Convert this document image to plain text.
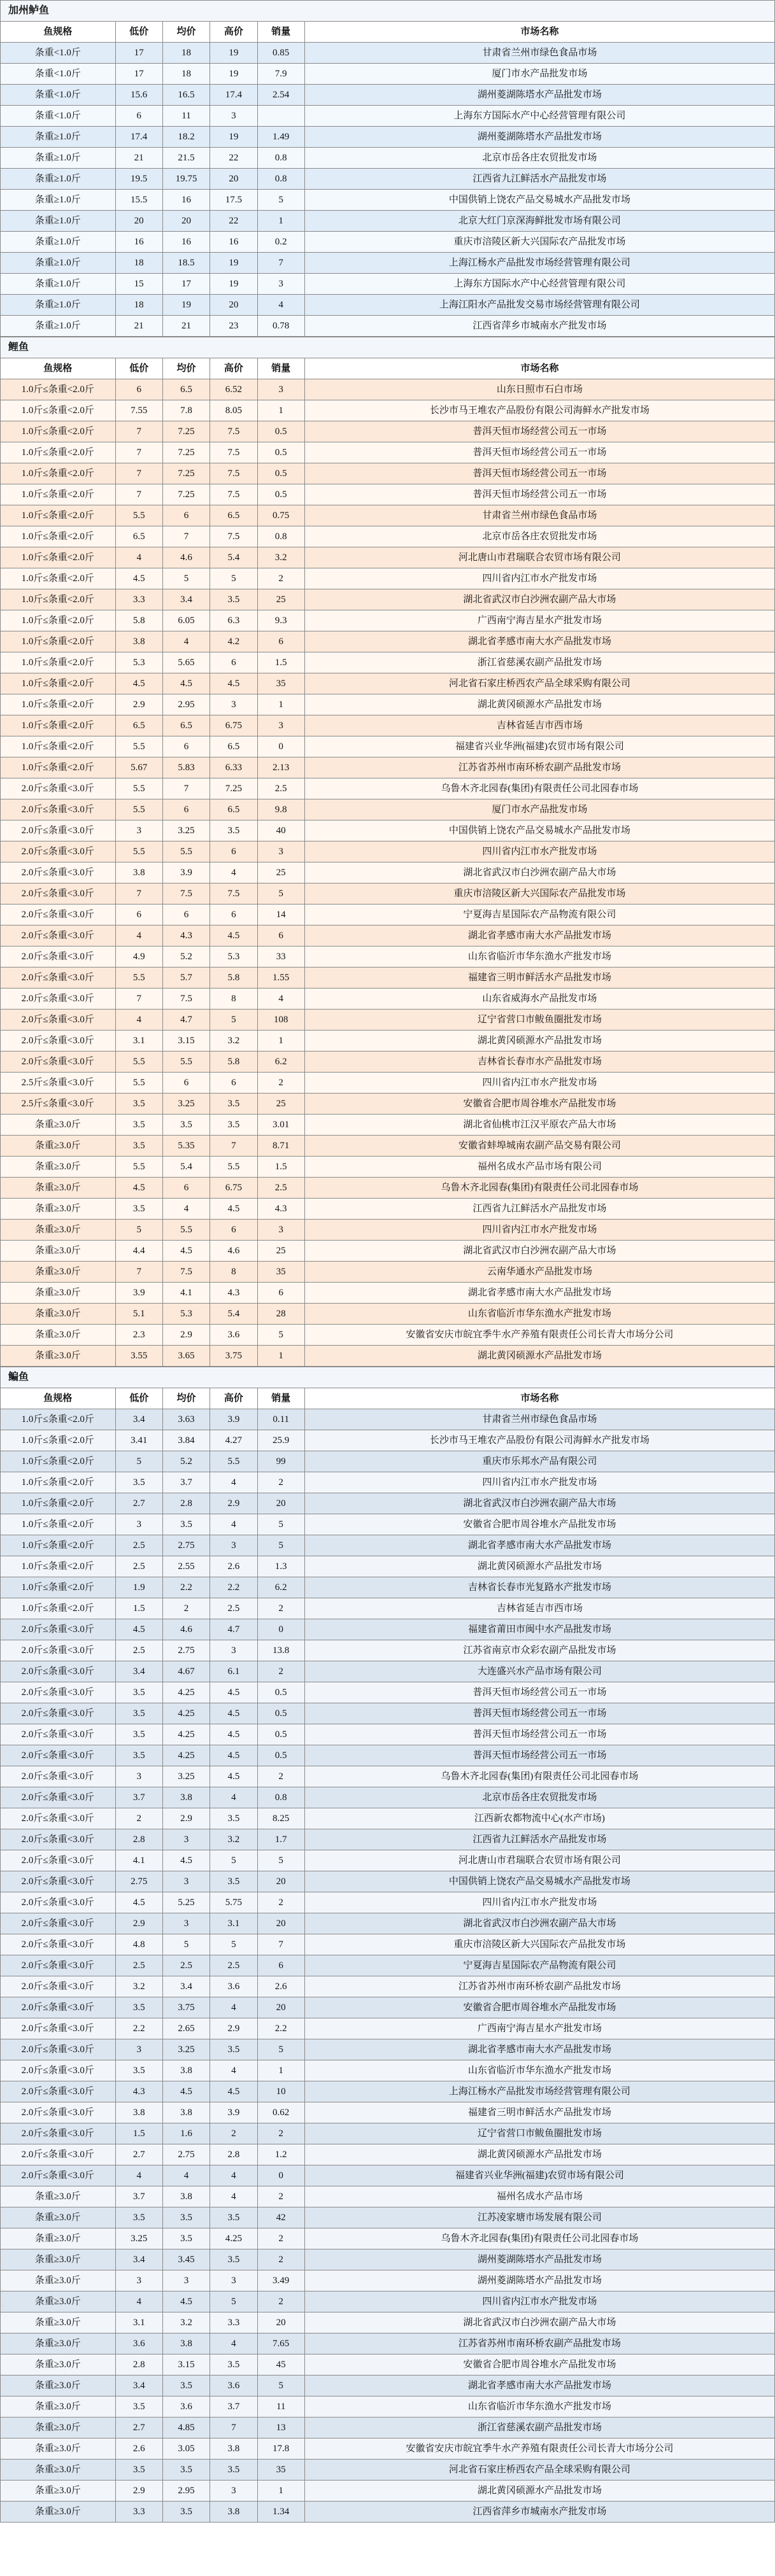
加州鲈鱼					
鱼规格	低价	均价	高价	销量	市场名称
条重<1.0斤	17	18	19	0.85	甘肃省兰州市绿色食品市场
条重<1.0斤	17	18	19	7.9	厦门市水产品批发市场
条重<1.0斤	15.6	16.5	17.4	2.54	湖州菱湖陈塔水产品批发市场
条重<1.0斤	6	11	3		上海东方国际水产中心经营管理有限公司
条重≥1.0斤	17.4	18.2	19	1.49	湖州菱湖陈塔水产品批发市场
条重≥1.0斤	21	21.5	22	0.8	北京市岳各庄农贸批发市场
条重≥1.0斤	19.5	19.75	20	0.8	江西省九江鲜活水产品批发市场
条重≥1.0斤	15.5	16	17.5	5	中国供销上饶农产品交易城水产品批发市场
条重≥1.0斤	20	20	22	1	北京大红门京深海鲜批发市场有限公司
条重≥1.0斤	16	16	16	0.2	重庆市涪陵区新大兴国际农产品批发市场
条重≥1.0斤	18	18.5	19	7	上海江杨水产品批发市场经营管理有限公司
条重≥1.0斤	15	17	19	3	上海东方国际水产中心经营管理有限公司
条重≥1.0斤	18	19	20	4	上海江阳水产品批发交易市场经营管理有限公司
条重≥1.0斤	21	21	23	0.78	江西省萍乡市城南水产批发市场
鲤鱼					
鱼规格	低价	均价	高价	销量	市场名称
1.0斤≤条重<2.0斤	6	6.5	6.52	3	山东日照市石白市场
1.0斤≤条重<2.0斤	7.55	7.8	8.05	1	长沙市马王堆农产品股份有限公司海鲜水产批发市场
1.0斤≤条重<2.0斤	7	7.25	7.5	0.5	普洱天恒市场经营公司五一市场
1.0斤≤条重<2.0斤	7	7.25	7.5	0.5	普洱天恒市场经营公司五一市场
1.0斤≤条重<2.0斤	7	7.25	7.5	0.5	普洱天恒市场经营公司五一市场
1.0斤≤条重<2.0斤	7	7.25	7.5	0.5	普洱天恒市场经营公司五一市场
1.0斤≤条重<2.0斤	5.5	6	6.5	0.75	甘肃省兰州市绿色食品市场
1.0斤≤条重<2.0斤	6.5	7	7.5	0.8	北京市岳各庄农贸批发市场
1.0斤≤条重<2.0斤	4	4.6	5.4	3.2	河北唐山市君瑞联合农贸市场有限公司
1.0斤≤条重<2.0斤	4.5	5	5	2	四川省内江市水产批发市场
1.0斤≤条重<2.0斤	3.3	3.4	3.5	25	湖北省武汉市白沙洲农副产品大市场
1.0斤≤条重<2.0斤	5.8	6.05	6.3	9.3	广西南宁海吉星水产批发市场
1.0斤≤条重<2.0斤	3.8	4	4.2	6	湖北省孝感市南大水产品批发市场
1.0斤≤条重<2.0斤	5.3	5.65	6	1.5	浙江省慈溪农副产品批发市场
1.0斤≤条重<2.0斤	4.5	4.5	4.5	35	河北省石家庄桥西农产品全球采购有限公司
1.0斤≤条重<2.0斤	2.9	2.95	3	1	湖北黄冈硕源水产品批发市场
1.0斤≤条重<2.0斤	6.5	6.5	6.75	3	吉林省延吉市西市场
1.0斤≤条重<2.0斤	5.5	6	6.5	0	福建省兴业华洲(福建)农贸市场有限公司
1.0斤≤条重<2.0斤	5.67	5.83	6.33	2.13	江苏省苏州市南环桥农副产品批发市场
2.0斤≤条重<3.0斤	5.5	7	7.25	2.5	乌鲁木齐北园春(集团)有限责任公司北园春市场
2.0斤≤条重<3.0斤	5.5	6	6.5	9.8	厦门市水产品批发市场
2.0斤≤条重<3.0斤	3	3.25	3.5	40	中国供销上饶农产品交易城水产品批发市场
2.0斤≤条重<3.0斤	5.5	5.5	6	3	四川省内江市水产批发市场
2.0斤≤条重<3.0斤	3.8	3.9	4	25	湖北省武汉市白沙洲农副产品大市场
2.0斤≤条重<3.0斤	7	7.5	7.5	5	重庆市涪陵区新大兴国际农产品批发市场
2.0斤≤条重<3.0斤	6	6	6	14	宁夏海吉星国际农产品物流有限公司
2.0斤≤条重<3.0斤	4	4.3	4.5	6	湖北省孝感市南大水产品批发市场
2.0斤≤条重<3.0斤	4.9	5.2	5.3	33	山东省临沂市华东渔水产批发市场
2.0斤≤条重<3.0斤	5.5	5.7	5.8	1.55	福建省三明市鲜活水产品批发市场
2.0斤≤条重<3.0斤	7	7.5	8	4	山东省威海水产品批发市场
2.0斤≤条重<3.0斤	4	4.7	5	108	辽宁省营口市鲅鱼圈批发市场
2.0斤≤条重<3.0斤	3.1	3.15	3.2	1	湖北黄冈硕源水产品批发市场
2.0斤≤条重<3.0斤	5.5	5.5	5.8	6.2	吉林省长春市水产品批发市场
2.5斤≤条重<3.0斤	5.5	6	6	2	四川省内江市水产批发市场
2.5斤≤条重<3.0斤	3.5	3.25	3.5	25	安徽省合肥市周谷堆水产品批发市场
条重≥3.0斤	3.5	3.5	3.5	3.01	湖北省仙桃市江汉平原农产品大市场
条重≥3.0斤	3.5	5.35	7	8.71	安徽省蚌埠城南农副产品交易有限公司
条重≥3.0斤	5.5	5.4	5.5	1.5	福州名成水产品市场有限公司
条重≥3.0斤	4.5	6	6.75	2.5	乌鲁木齐北园春(集团)有限责任公司北园春市场
条重≥3.0斤	3.5	4	4.5	4.3	江西省九江鲜活水产品批发市场
条重≥3.0斤	5	5.5	6	3	四川省内江市水产批发市场
条重≥3.0斤	4.4	4.5	4.6	25	湖北省武汉市白沙洲农副产品大市场
条重≥3.0斤	7	7.5	8	35	云南华通水产品批发市场
条重≥3.0斤	3.9	4.1	4.3	6	湖北省孝感市南大水产品批发市场
条重≥3.0斤	5.1	5.3	5.4	28	山东省临沂市华东渔水产批发市场
条重≥3.0斤	2.3	2.9	3.6	5	安徽省安庆市皖宜季牛水产养殖有限责任公司长青大市场分公司
条重≥3.0斤	3.55	3.65	3.75	1	湖北黄冈硕源水产品批发市场
鳊鱼					
鱼规格	低价	均价	高价	销量	市场名称
1.0斤≤条重<2.0斤	3.4	3.63	3.9	0.11	甘肃省兰州市绿色食品市场
1.0斤≤条重<2.0斤	3.41	3.84	4.27	25.9	长沙市马王堆农产品股份有限公司海鲜水产批发市场
1.0斤≤条重<2.0斤	5	5.2	5.5	99	重庆市乐邦水产品有限公司
1.0斤≤条重<2.0斤	3.5	3.7	4	2	四川省内江市水产批发市场
1.0斤≤条重<2.0斤	2.7	2.8	2.9	20	湖北省武汉市白沙洲农副产品大市场
1.0斤≤条重<2.0斤	3	3.5	4	5	安徽省合肥市周谷堆水产品批发市场
1.0斤≤条重<2.0斤	2.5	2.75	3	5	湖北省孝感市南大水产品批发市场
1.0斤≤条重<2.0斤	2.5	2.55	2.6	1.3	湖北黄冈硕源水产品批发市场
1.0斤≤条重<2.0斤	1.9	2.2	2.2	6.2	吉林省长春市光复路水产批发市场
1.0斤≤条重<2.0斤	1.5	2	2.5	2	吉林省延吉市西市场
2.0斤≤条重<3.0斤	4.5	4.6	4.7	0	福建省莆田市闽中水产品批发市场
2.0斤≤条重<3.0斤	2.5	2.75	3	13.8	江苏省南京市众彩农副产品批发市场
2.0斤≤条重<3.0斤	3.4	4.67	6.1	2	大连盛兴水产品市场有限公司
2.0斤≤条重<3.0斤	3.5	4.25	4.5	0.5	普洱天恒市场经营公司五一市场
2.0斤≤条重<3.0斤	3.5	4.25	4.5	0.5	普洱天恒市场经营公司五一市场
2.0斤≤条重<3.0斤	3.5	4.25	4.5	0.5	普洱天恒市场经营公司五一市场
2.0斤≤条重<3.0斤	3.5	4.25	4.5	0.5	普洱天恒市场经营公司五一市场
2.0斤≤条重<3.0斤	3	3.25	4.5	2	乌鲁木齐北园春(集团)有限责任公司北园春市场
2.0斤≤条重<3.0斤	3.7	3.8	4	0.8	北京市岳各庄农贸批发市场
2.0斤≤条重<3.0斤	2	2.9	3.5	8.25	江西新农都物流中心(水产市场)
2.0斤≤条重<3.0斤	2.8	3	3.2	1.7	江西省九江鲜活水产品批发市场
2.0斤≤条重<3.0斤	4.1	4.5	5	5	河北唐山市君瑞联合农贸市场有限公司
2.0斤≤条重<3.0斤	2.75	3	3.5	20	中国供销上饶农产品交易城水产品批发市场
2.0斤≤条重<3.0斤	4.5	5.25	5.75	2	四川省内江市水产批发市场
2.0斤≤条重<3.0斤	2.9	3	3.1	20	湖北省武汉市白沙洲农副产品大市场
2.0斤≤条重<3.0斤	4.8	5	5	7	重庆市涪陵区新大兴国际农产品批发市场
2.0斤≤条重<3.0斤	2.5	2.5	2.5	6	宁夏海吉星国际农产品物流有限公司
2.0斤≤条重<3.0斤	3.2	3.4	3.6	2.6	江苏省苏州市南环桥农副产品批发市场
2.0斤≤条重<3.0斤	3.5	3.75	4	20	安徽省合肥市周谷堆水产品批发市场
2.0斤≤条重<3.0斤	2.2	2.65	2.9	2.2	广西南宁海吉星水产批发市场
2.0斤≤条重<3.0斤	3	3.25	3.5	5	湖北省孝感市南大水产品批发市场
2.0斤≤条重<3.0斤	3.5	3.8	4	1	山东省临沂市华东渔水产批发市场
2.0斤≤条重<3.0斤	4.3	4.5	4.5	10	上海江杨水产品批发市场经营管理有限公司
2.0斤≤条重<3.0斤	3.8	3.8	3.9	0.62	福建省三明市鲜活水产品批发市场
2.0斤≤条重<3.0斤	1.5	1.6	2	2	辽宁省营口市鲅鱼圈批发市场
2.0斤≤条重<3.0斤	2.7	2.75	2.8	1.2	湖北黄冈硕源水产品批发市场
2.0斤≤条重<3.0斤	4	4	4	0	福建省兴业华洲(福建)农贸市场有限公司
条重≥3.0斤	3.7	3.8	4	2	福州名成水产品市场
条重≥3.0斤	3.5	3.5	3.5	42	江苏凌家塘市场发展有限公司
条重≥3.0斤	3.25	3.5	4.25	2	乌鲁木齐北园春(集团)有限责任公司北园春市场
条重≥3.0斤	3.4	3.45	3.5	2	湖州菱湖陈塔水产品批发市场
条重≥3.0斤	3	3	3	3.49	湖州菱湖陈塔水产品批发市场
条重≥3.0斤	4	4.5	5	2	四川省内江市水产批发市场
条重≥3.0斤	3.1	3.2	3.3	20	湖北省武汉市白沙洲农副产品大市场
条重≥3.0斤	3.6	3.8	4	7.65	江苏省苏州市南环桥农副产品批发市场
条重≥3.0斤	2.8	3.15	3.5	45	安徽省合肥市周谷堆水产品批发市场
条重≥3.0斤	3.4	3.5	3.6	5	湖北省孝感市南大水产品批发市场
条重≥3.0斤	3.5	3.6	3.7	11	山东省临沂市华东渔水产批发市场
条重≥3.0斤	2.7	4.85	7	13	浙江省慈溪农副产品批发市场
条重≥3.0斤	2.6	3.05	3.8	17.8	安徽省安庆市皖宜季牛水产养殖有限责任公司长青大市场分公司
条重≥3.0斤	3.5	3.5	3.5	35	河北省石家庄桥西农产品全球采购有限公司
条重≥3.0斤	2.9	2.95	3	1	湖北黄冈硕源水产品批发市场
条重≥3.0斤	3.3	3.5	3.8	1.34	江西省萍乡市城南水产批发市场
